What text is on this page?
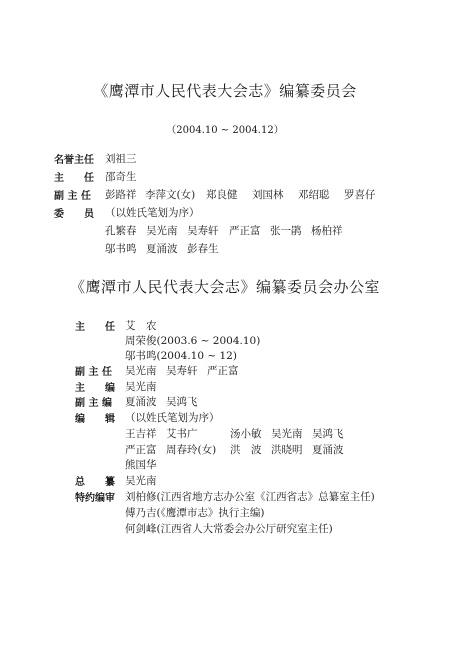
《鹰潭市人民代表大会志》编纂委员会
（2004.10 ~ 2004.12）
名誉主任 刘祖三
主　　任 邵奇生
副 主 任 彭路祥 李萍文(女) 郑良健 刘国林 邓绍聪 罗喜仔
委　　员 （以姓氏笔划为序）
孔繁春 吴光南 吴寿轩 严正富 张一鹃 杨柏祥
邬书鸣 夏涌波 彭春生
《鹰潭市人民代表大会志》编纂委员会办公室
主　　任 艾　农
周荣俊(2003.6 ~ 2004.10)
邬书鸣(2004.10 ~ 12)
副 主 任 吴光南 吴寿轩 严正富
主　　编 吴光南
副 主 编 夏涌波 吴鸿飞
编　　辑 （以姓氏笔划为序）
王吉祥 艾书广	汤小敏 吴光南 吴鸿飞
严正富 周春玲(女) 洪　波 洪晓明 夏涌波
熊国华
总　　纂 吴光南
特约编审 刘柏修(江西省地方志办公室《江西省志》总纂室主任)
傅乃吉(《鹰潭市志》执行主编)
何剑峰(江西省人大常委会办公厅研究室主任)
